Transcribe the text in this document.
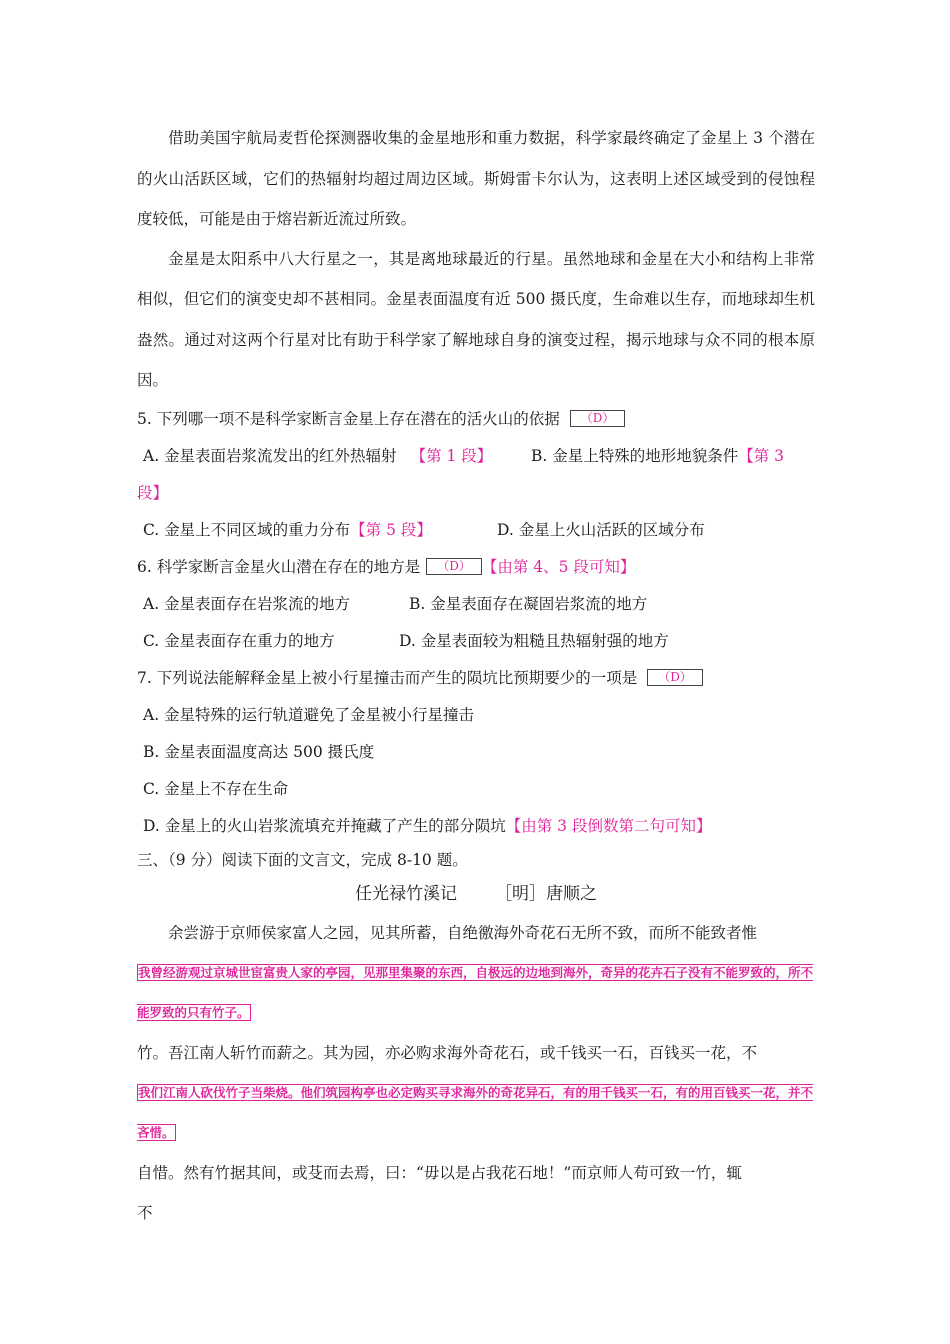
借助美国宇航局麦哲伦探测器收集的金星地形和重力数据，科学家最终确定了金星上 3 个潜在的火山活跃区域，它们的热辐射均超过周边区域。斯姆雷卡尔认为，这表明上述区域受到的侵蚀程度较低，可能是由于熔岩新近流过所致。

金星是太阳系中八大行星之一，其是离地球最近的行星。虽然地球和金星在大小和结构上非常相似，但它们的演变史却不甚相同。金星表面温度有近 500 摄氏度，生命难以生存，而地球却生机盎然。通过对这两个行星对比有助于科学家了解地球自身的演变过程，揭示地球与众不同的根本原因。

5. 下列哪一项不是科学家断言金星上存在潜在的活火山的依据 （D）

A. 金星表面岩浆流发出的红外热辐射 【第 1 段】 B. 金星上特殊的地形地貌条件【第 3

段】

C. 金星上不同区域的重力分布【第 5 段】	D. 金星上火山活跃的区域分布

6. 科学家断言金星火山潜在存在的地方是 （D） 【由第 4、5 段可知】

A. 金星表面存在岩浆流的地方	B. 金星表面存在凝固岩浆流的地方

C. 金星表面存在重力的地方	D. 金星表面较为粗糙且热辐射强的地方

7. 下列说法能解释金星上被小行星撞击而产生的陨坑比预期要少的一项是 （D）

A. 金星特殊的运行轨道避免了金星被小行星撞击

B. 金星表面温度高达 500 摄氏度

C. 金星上不存在生命

D. 金星上的火山岩浆流填充并掩藏了产生的部分陨坑【由第 3 段倒数第二句可知】

三、（9 分）阅读下面的文言文，完成 8-10 题。

任光禄竹溪记 ［明］唐顺之

余尝游于京师侯家富人之园，见其所蓄，自绝徼海外奇花石无所不致，而所不能致者惟

我曾经游观过京城世宦富贵人家的亭园，见那里集聚的东西，自极远的边地到海外，奇异的花卉石子没有不能罗致的，所不能罗致的只有竹子。

竹。吾江南人斩竹而薪之。其为园，亦必购求海外奇花石，或千钱买一石，百钱买一花，不

我们江南人砍伐竹子当柴烧。他们筑园构亭也必定购买寻求海外的奇花异石，有的用千钱买一石，有的用百钱买一花，并不吝惜。

自惜。然有竹据其间，或芟而去焉，曰：“毋以是占我花石地！”而京师人苟可致一竹，辄

不
